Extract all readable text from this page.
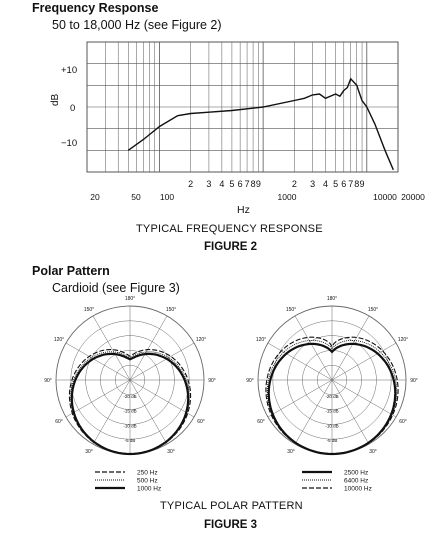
Frequency Response
50 to 18,000 Hz (see Figure 2)
+10
0
−10
dB
2 3 4 5 6 7 8 9	2 3 4 5 6 7 8 9
20	50 100	1000	10000 20000
Hz
TYPICAL FREQUENCY RESPONSE
FIGURE 2
Polar Pattern
Cardioid (see Figure 3)
-20 dB
-15 dB
-10 dB
-5 dB
180°
150°	150°
120°	120°
90°	90°
60°	60°
30°	30°
-20 dB
-15 dB
-10 dB
-5 dB
180°
150°	150°
120°	120°
90°	90°
60°	60°
30°	30°
250 Hz
500 Hz
1000 Hz
2500 Hz
6400 Hz
10000 Hz
TYPICAL POLAR PATTERN
FIGURE 3
